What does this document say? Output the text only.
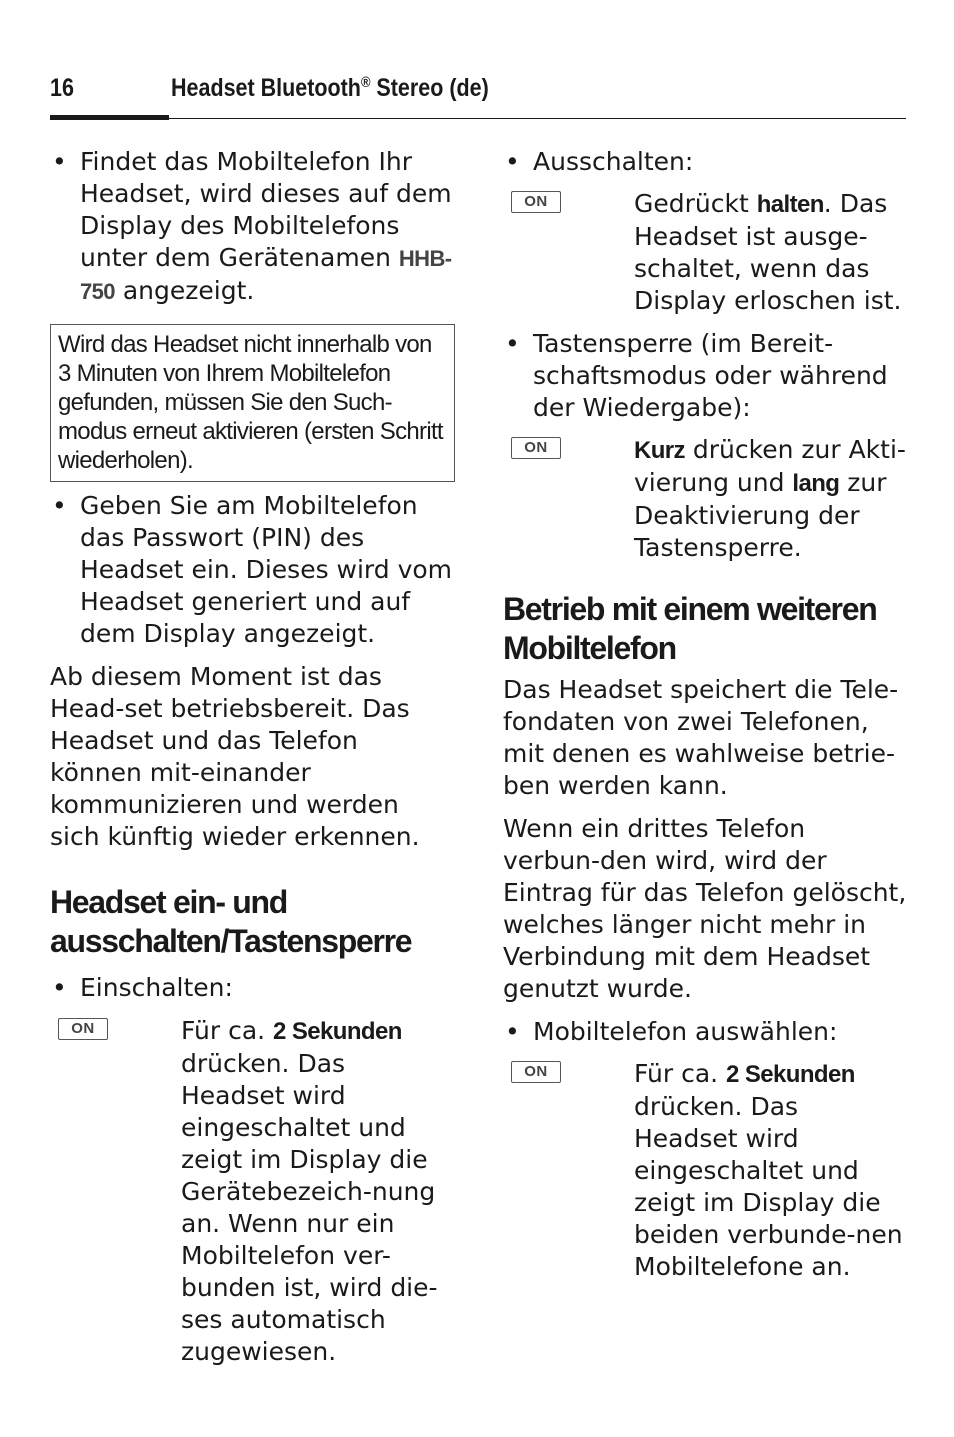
16	Headset Bluetooth® Stereo (de)
• Findet das Mobiltelefon Ihr Headset, wird dieses auf dem Display des Mobiltelefons unter dem Gerätenamen HHB-750 angezeigt.
Wird das Headset nicht innerhalb von 3 Minuten von Ihrem Mobiltelefon gefunden, müssen Sie den Such-modus erneut aktivieren (ersten Schritt wiederholen).
• Geben Sie am Mobiltelefon das Passwort (PIN) des Headset ein. Dieses wird vom Headset generiert und auf dem Display angezeigt.

Ab diesem Moment ist das Head-set betriebsbereit. Das Headset und das Telefon können mit-einander kommunizieren und werden sich künftig wieder erkennen.

Headset ein- und ausschalten/Tastensperre
• Einschalten:
ON	Für ca. 2 Sekunden drücken. Das Headset wird eingeschaltet und zeigt im Display die Gerätebezeich-nung an. Wenn nur ein Mobiltelefon ver-bunden ist, wird die-ses automatisch zugewiesen.
• Ausschalten:
ON	Gedrückt halten. Das Headset ist ausge-schaltet, wenn das Display erloschen ist.
• Tastensperre (im Bereit-schaftsmodus oder während der Wiedergabe):
ON	Kurz drücken zur Akti-vierung und lang zur Deaktivierung der Tastensperre.
Betrieb mit einem weiteren Mobiltelefon

Das Headset speichert die Tele-fondaten von zwei Telefonen, mit denen es wahlweise betrie-ben werden kann.

Wenn ein drittes Telefon verbun-den wird, wird der Eintrag für das Telefon gelöscht, welches länger nicht mehr in Verbindung mit dem Headset genutzt wurde.

• Mobiltelefon auswählen:
ON	Für ca. 2 Sekunden drücken. Das Headset wird eingeschaltet und zeigt im Display die beiden verbunde-nen Mobiltelefone an.
